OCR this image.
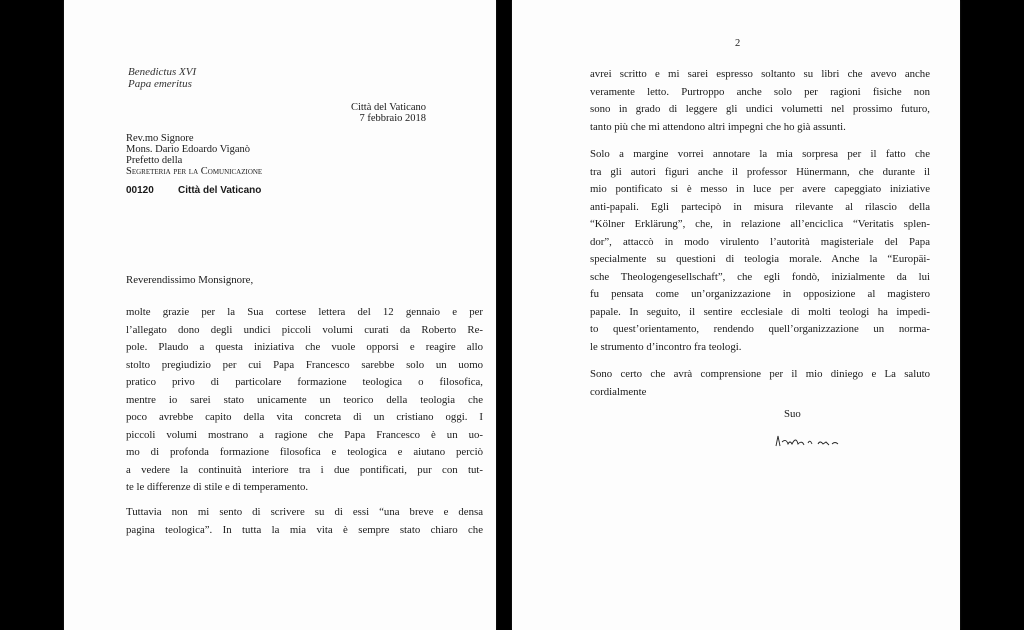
Benedictus XVI
Papa emeritus
Città del Vaticano
7 febbraio 2018
Rev.mo Signore
Mons. Dario Edoardo Viganò
Prefetto della
Segreteria per la Comunicazione
00120 Città del Vaticano
Reverendissimo Monsignore,
molte grazie per la Sua cortese lettera del 12 gennaio e per
l’allegato dono degli undici piccoli volumi curati da Roberto Re-
pole. Plaudo a questa iniziativa che vuole opporsi e reagire allo
stolto pregiudizio per cui Papa Francesco sarebbe solo un uomo
pratico privo di particolare formazione teologica o filosofica,
mentre io sarei stato unicamente un teorico della teologia che
poco avrebbe capito della vita concreta di un cristiano oggi. I
piccoli volumi mostrano a ragione che Papa Francesco è un uo-
mo di profonda formazione filosofica e teologica e aiutano perciò
a vedere la continuità interiore tra i due pontificati, pur con tut-
te le differenze di stile e di temperamento.
Tuttavia non mi sento di scrivere su di essi “una breve e densa
pagina teologica”. In tutta la mia vita è sempre stato chiaro che
2
avrei scritto e mi sarei espresso soltanto su libri che avevo anche
veramente letto. Purtroppo anche solo per ragioni fisiche non
sono in grado di leggere gli undici volumetti nel prossimo futuro,
tanto più che mi attendono altri impegni che ho già assunti.
Solo a margine vorrei annotare la mia sorpresa per il fatto che
tra gli autori figuri anche il professor Hünermann, che durante il
mio pontificato si è messo in luce per avere capeggiato iniziative
anti-papali. Egli partecipò in misura rilevante al rilascio della
“Kölner Erklärung”, che, in relazione all’enciclica “Veritatis splen-
dor”, attaccò in modo virulento l’autorità magisteriale del Papa
specialmente su questioni di teologia morale. Anche la “Europäi-
sche Theologengesellschaft”, che egli fondò, inizialmente da lui
fu pensata come un’organizzazione in opposizione al magistero
papale. In seguito, il sentire ecclesiale di molti teologi ha impedi-
to quest’orientamento, rendendo quell’organizzazione un norma-
le strumento d’incontro fra teologi.
Sono certo che avrà comprensione per il mio diniego e La saluto
cordialmente
Suo
